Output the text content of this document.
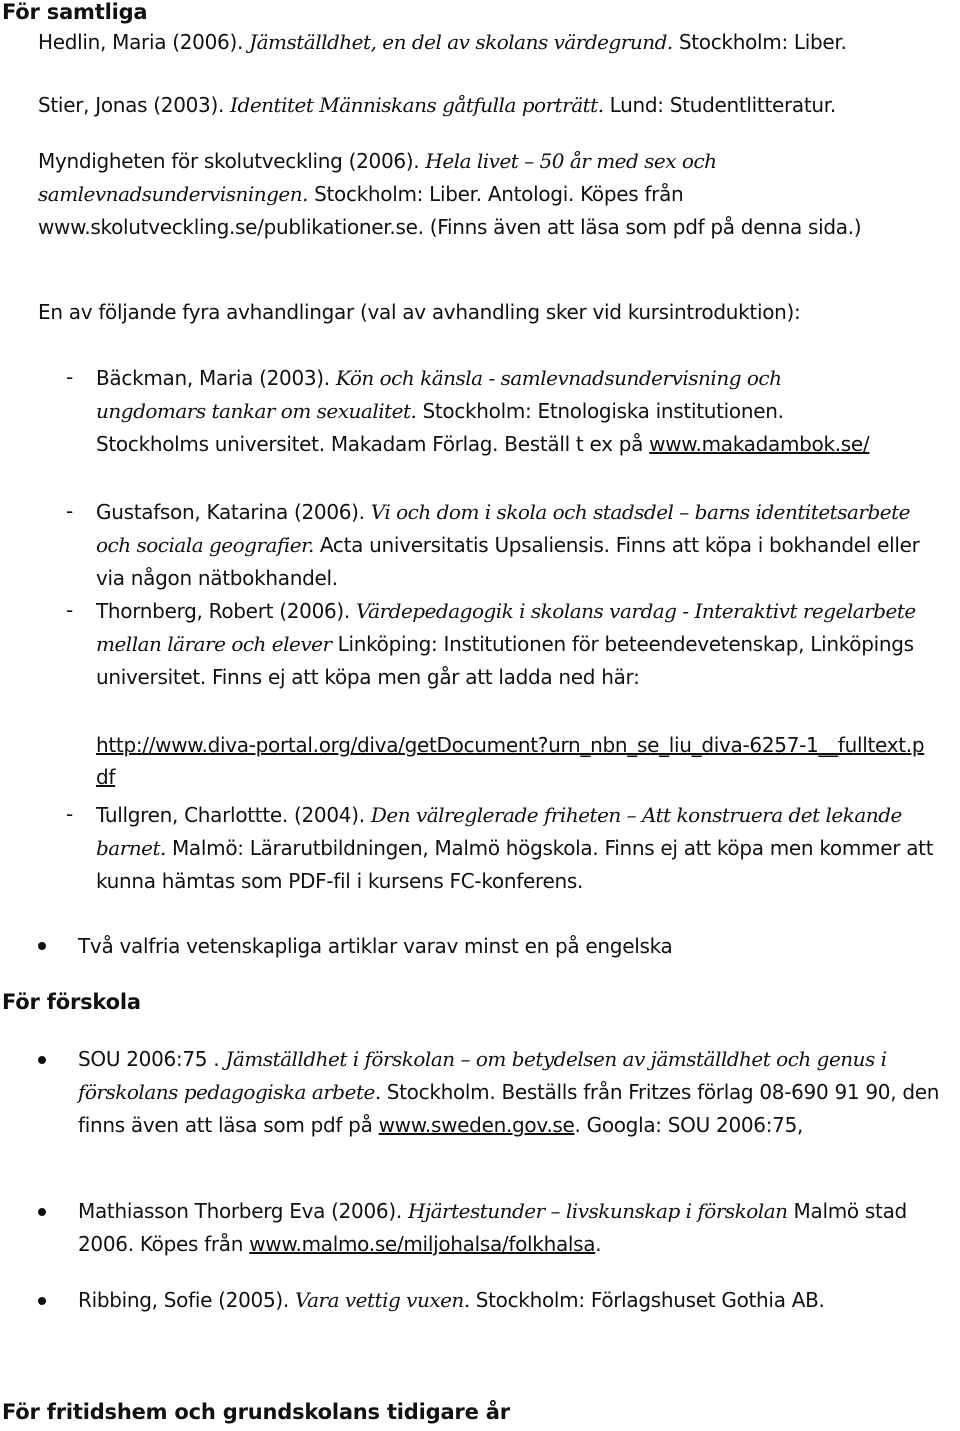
För samtliga
Hedlin, Maria (2006). Jämställdhet, en del av skolans värdegrund. Stockholm: Liber.
Stier, Jonas (2003). Identitet Människans gåtfulla porträtt. Lund: Studentlitteratur.
Myndigheten för skolutveckling (2006). Hela livet – 50 år med sex och samlevnadsundervisningen. Stockholm: Liber. Antologi. Köpes från www.skolutveckling.se/publikationer.se. (Finns även att läsa som pdf på denna sida.)
En av följande fyra avhandlingar (val av avhandling sker vid kursintroduktion):
- Bäckman, Maria (2003). Kön och känsla - samlevnadsundervisning och ungdomars tankar om sexualitet. Stockholm: Etnologiska institutionen. Stockholms universitet. Makadam Förlag. Beställ t ex på www.makadambok.se/
- Gustafson, Katarina (2006). Vi och dom i skola och stadsdel – barns identitetsarbete och sociala geografier. Acta universitatis Upsaliensis. Finns att köpa i bokhandel eller via någon nätbokhandel.
- Thornberg, Robert (2006). Värdepedagogik i skolans vardag - Interaktivt regelarbete mellan lärare och elever Linköping: Institutionen för beteendevetenskap, Linköpings universitet. Finns ej att köpa men går att ladda ned här:
http://www.diva-portal.org/diva/getDocument?urn_nbn_se_liu_diva-6257-1__fulltext.pdf
- Tullgren, Charlottte. (2004). Den välreglerade friheten – Att konstruera det lekande barnet. Malmö: Lärarutbildningen, Malmö högskola. Finns ej att köpa men kommer att kunna hämtas som PDF-fil i kursens FC-konferens.
Två valfria vetenskapliga artiklar varav minst en på engelska
För förskola
SOU 2006:75 . Jämställdhet i förskolan – om betydelsen av jämställdhet och genus i förskolans pedagogiska arbete. Stockholm. Beställs från Fritzes förlag 08-690 91 90, den finns även att läsa som pdf på www.sweden.gov.se. Googla: SOU 2006:75,
Mathiasson Thorberg Eva (2006). Hjärtestunder – livskunskap i förskolan Malmö stad 2006. Köpes från www.malmo.se/miljohalsa/folkhalsa.
Ribbing, Sofie (2005). Vara vettig vuxen. Stockholm: Förlagshuset Gothia AB.
För fritidshem och grundskolans tidigare år
